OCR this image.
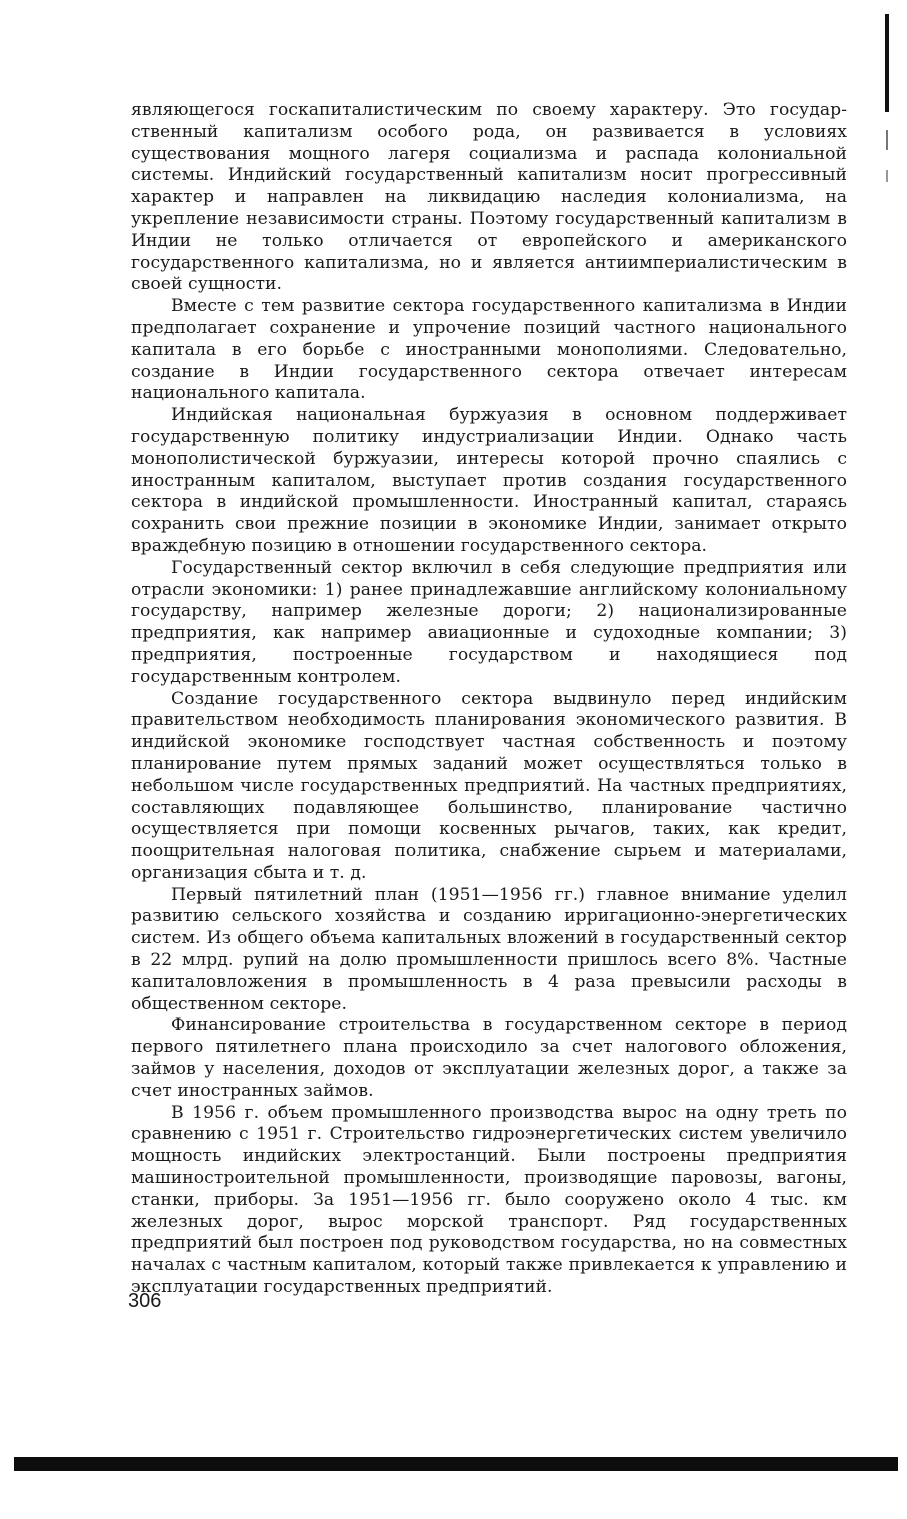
являющегося госкапиталистическим по своему характеру. Это государственный капитализм особого рода, он развивается в условиях существования мощного лагеря социализма и распада колониальной системы. Индийский государственный капитализм носит прогрессивный характер и направлен на ликвидацию наследия колониализма, на укрепление независимости страны. Поэтому государственный капитализм в Индии не только отличается от европейского и американского государственного капитализма, но и является антиимпериалистическим в своей сущности.

Вместе с тем развитие сектора государственного капитализма в Индии предполагает сохранение и упрочение позиций частного национального капитала в его борьбе с иностранными монополиями. Следовательно, создание в Индии государственного сектора отвечает интересам национального капитала.

Индийская национальная буржуазия в основном поддерживает государственную политику индустриализации Индии. Однако часть монополистической буржуазии, интересы которой прочно спаялись с иностранным капиталом, выступает против создания государственного сектора в индийской промышленности. Иностранный капитал, стараясь сохранить свои прежние позиции в экономике Индии, занимает открыто враждебную позицию в отношении государственного сектора.

Государственный сектор включил в себя следующие предприятия или отрасли экономики: 1) ранее принадлежавшие английскому колониальному государству, например железные дороги; 2) национализированные предприятия, как например авиационные и судоходные компании; 3) предприятия, построенные государством и находящиеся под государственным контролем.

Создание государственного сектора выдвинуло перед индийским правительством необходимость планирования экономического развития. В индийской экономике господствует частная собственность и поэтому планирование путем прямых заданий может осуществляться только в небольшом числе государственных предприятий. На частных предприятиях, составляющих подавляющее большинство, планирование частично осуществляется при помощи косвенных рычагов, таких, как кредит, поощрительная налоговая политика, снабжение сырьем и материалами, организация сбыта и т. д.

Первый пятилетний план (1951—1956 гг.) главное внимание уделил развитию сельского хозяйства и созданию ирригационно-энергетических систем. Из общего объема капитальных вложений в государственный сектор в 22 млрд. рупий на долю промышленности пришлось всего 8%. Частные капиталовложения в промышленность в 4 раза превысили расходы в общественном секторе.

Финансирование строительства в государственном секторе в период первого пятилетнего плана происходило за счет налогового обложения, займов у населения, доходов от эксплуатации железных дорог, а также за счет иностранных займов.

В 1956 г. объем промышленного производства вырос на одну треть по сравнению с 1951 г. Строительство гидроэнергетических систем увеличило мощность индийских электростанций. Были построены предприятия машиностроительной промышленности, производящие паровозы, вагоны, станки, приборы. За 1951—1956 гг. было сооружено около 4 тыс. км железных дорог, вырос морской транспорт. Ряд государственных предприятий был построен под руководством государства, но на совместных началах с частным капиталом, который также привлекается к управлению и эксплуатации государственных предприятий.

306
